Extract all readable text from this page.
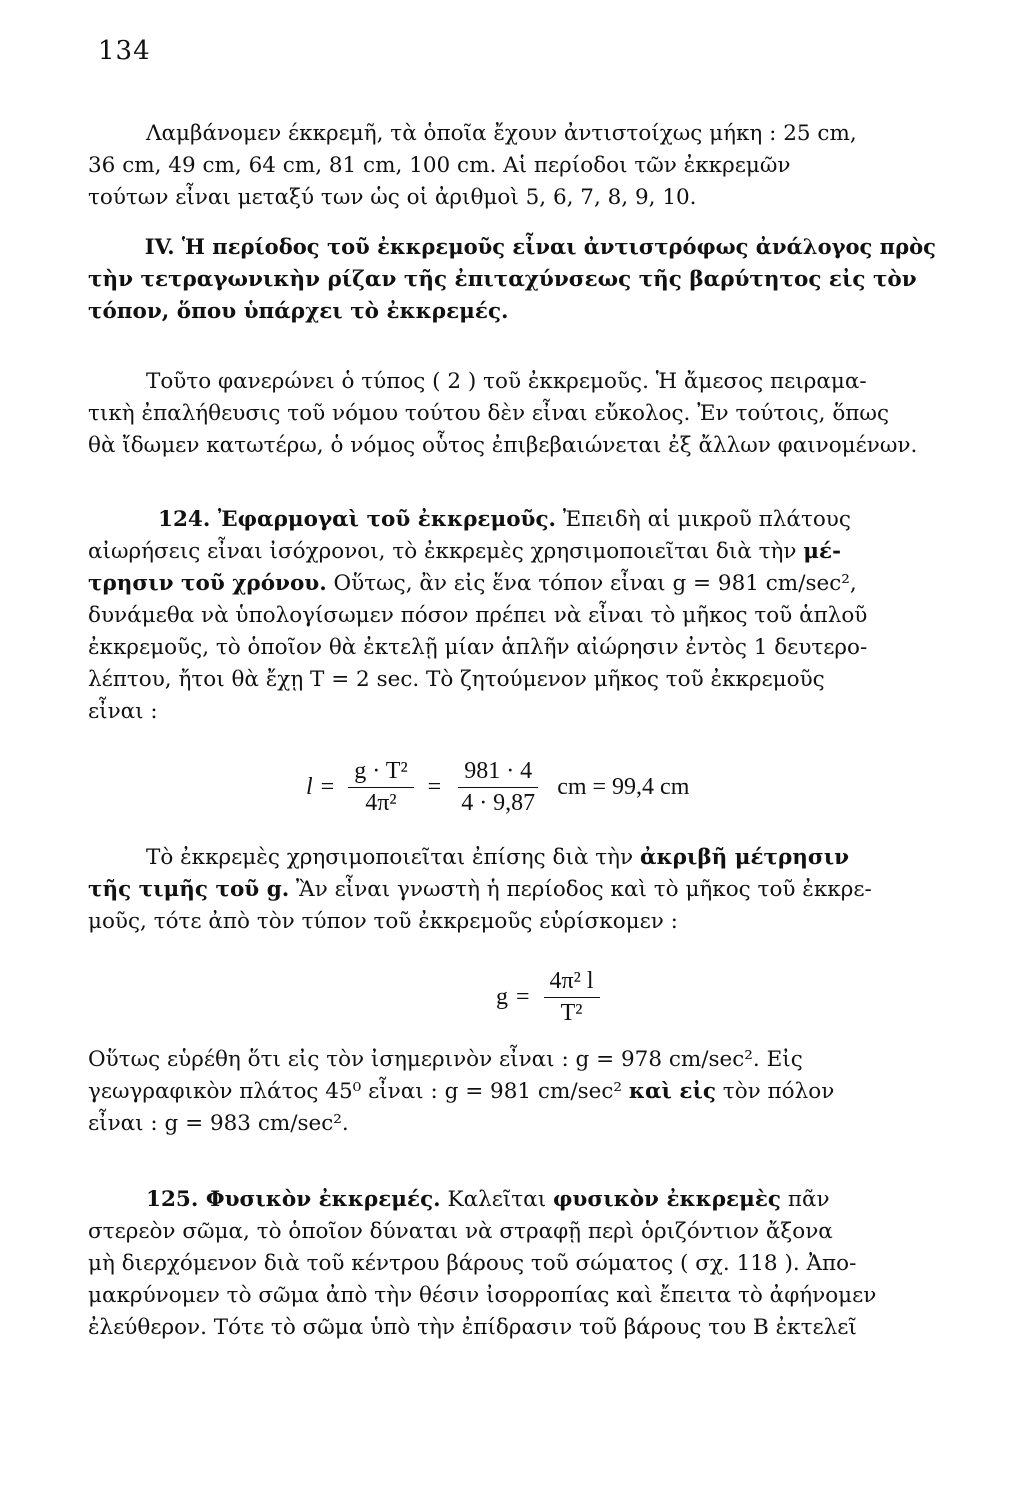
134
Λαμβάνομεν έκκρεμῆ, τὰ ὁποῖα ἔχουν ἀντιστοίχως μήκη : 25 cm,
36 cm, 49 cm, 64 cm, 81 cm, 100 cm. Αἱ περίοδοι τῶν ἐκκρεμῶν
τούτων εἶναι μεταξύ των ὡς οἱ ἀριθμοὶ 5, 6, 7, 8, 9, 10.
IV. Ἡ περίοδος τοῦ ἐκκρεμοῦς εἶναι ἀντιστρόφως ἀνάλογος πρὸς
τὴν τετραγωνικὴν ρίζαν τῆς ἐπιταχύνσεως τῆς βαρύτητος εἰς τὸν
τόπον, ὅπου ὑπάρχει τὸ ἐκκρεμές.
Τοῦτο φανερώνει ὁ τύπος ( 2 ) τοῦ ἐκκρεμοῦς. Ἡ ἄμεσος πειραμα-
τικὴ ἐπαλήθευσις τοῦ νόμου τούτου δὲν εἶναι εὔκολος. Ἐν τούτοις, ὅπως
θὰ ἴδωμεν κατωτέρω, ὁ νόμος οὗτος ἐπιβεβαιώνεται ἐξ ἄλλων φαινομένων.
124. Ἐφαρμογαὶ τοῦ ἐκκρεμοῦς. Ἐπειδὴ αἱ μικροῦ πλάτους
αἰωρήσεις εἶναι ἰσόχρονοι, τὸ ἐκκρεμὲς χρησιμοποιεῖται διὰ τὴν μέ-
τρησιν τοῦ χρόνου. Οὕτως, ἂν εἰς ἕνα τόπον εἶναι g = 981 cm/sec²,
δυνάμεθα νὰ ὑπολογίσωμεν πόσον πρέπει νὰ εἶναι τὸ μῆκος τοῦ ἁπλοῦ
ἐκκρεμοῦς, τὸ ὁποῖον θὰ ἐκτελῇ μίαν ἁπλῆν αἰώρησιν ἐντὸς 1 δευτερο-
λέπτου, ἤτοι θὰ ἔχῃ T = 2 sec. Τὸ ζητούμενον μῆκος τοῦ ἐκκρεμοῦς
εἶναι :
$l = \frac{\text{g · T²}}{\text{4π²}} = \frac{981 \cdot 4}{4 \cdot 9,87}$ cm = 99,4 cm
Τὸ ἐκκρεμὲς χρησιμοποιεῖται ἐπίσης διὰ τὴν ἀκριβῆ μέτρησιν
τῆς τιμῆς τοῦ g. Ἂν εἶναι γνωστὴ ἡ περίοδος καὶ τὸ μῆκος τοῦ ἐκκρε-
μοῦς, τότε ἀπὸ τὸν τύπον τοῦ ἐκκρεμοῦς εὑρίσκομεν :
$g = \frac{\text{4π² l}}{\text{T²}}$
Οὕτως εὑρέθη ὅτι εἰς τὸν ἰσημερινὸν εἶναι : g = 978 cm/sec². Εἰς
γεωγραφικὸν πλάτος 45⁰ εἶναι : g = 981 cm/sec² καὶ εἰς τὸν πόλον
εἶναι : g = 983 cm/sec².
125. Φυσικὸν ἐκκρεμές. Καλεῖται φυσικὸν ἐκκρεμὲς πᾶν
στερεὸν σῶμα, τὸ ὁποῖον δύναται νὰ στραφῇ περὶ ὁριζόντιον ἄξονα
μὴ διερχόμενον διὰ τοῦ κέντρου βάρους τοῦ σώματος ( σχ. 118 ). Ἀπο-
μακρύνομεν τὸ σῶμα ἀπὸ τὴν θέσιν ἰσορροπίας καὶ ἔπειτα τὸ ἀφήνομεν
ἐλεύθερον. Τότε τὸ σῶμα ὑπὸ τὴν ἐπίδρασιν τοῦ βάρους του B ἐκτελεῖ
